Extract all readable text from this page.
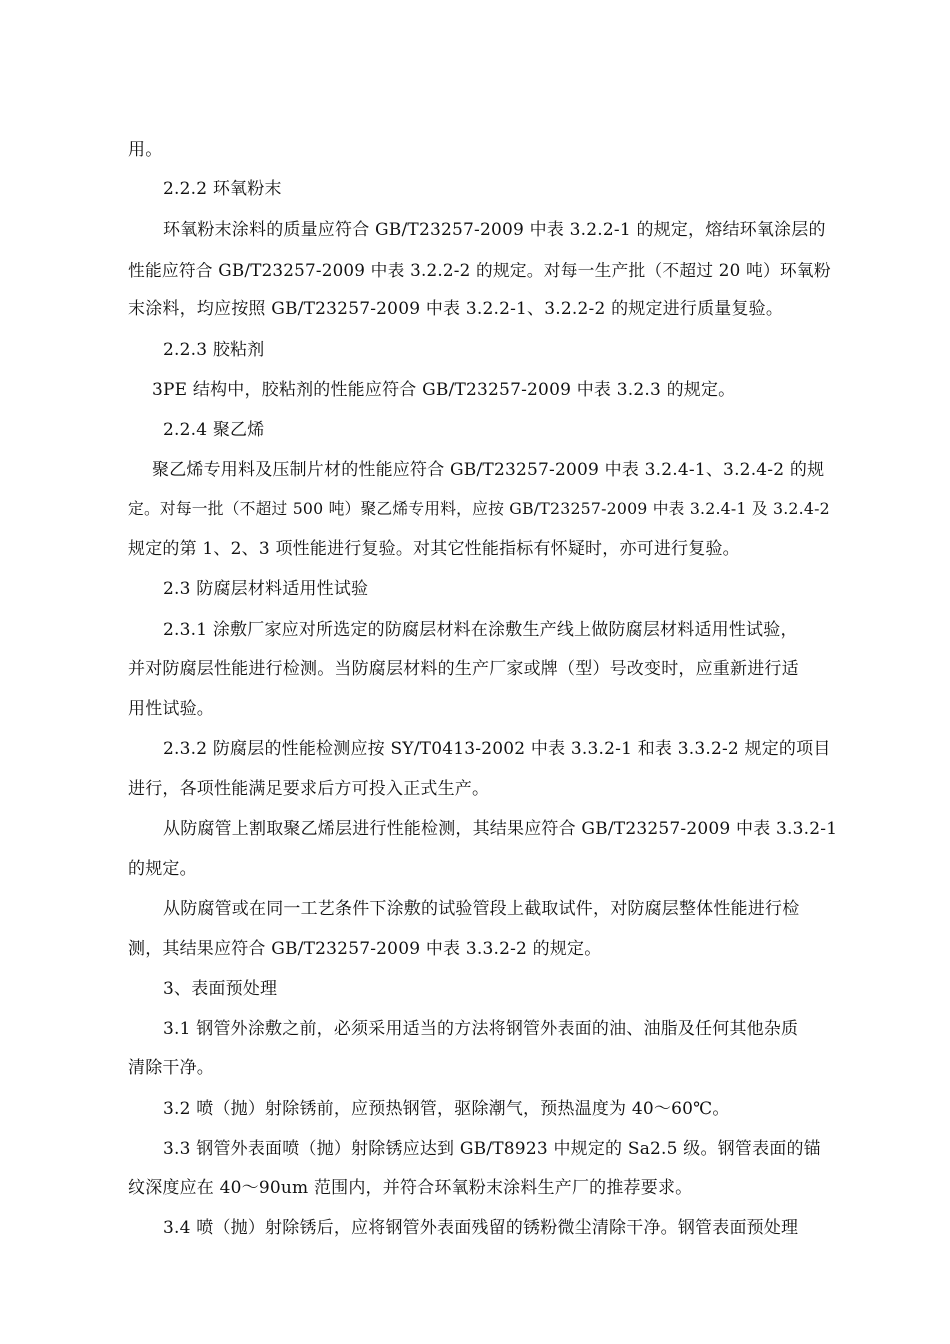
用。
2.2.2 环氧粉末
环氧粉末涂料的质量应符合 GB/T23257-2009 中表 3.2.2-1 的规定，熔结环氧涂层的
性能应符合 GB/T23257-2009 中表 3.2.2-2 的规定。对每一生产批（不超过 20 吨）环氧粉
末涂料，均应按照 GB/T23257-2009 中表 3.2.2-1、3.2.2-2 的规定进行质量复验。
2.2.3 胶粘剂
3PE 结构中，胶粘剂的性能应符合 GB/T23257-2009 中表 3.2.3 的规定。
2.2.4 聚乙烯
聚乙烯专用料及压制片材的性能应符合 GB/T23257-2009 中表 3.2.4-1、3.2.4-2 的规
定。对每一批（不超过 500 吨）聚乙烯专用料，应按 GB/T23257-2009 中表 3.2.4-1 及 3.2.4-2
规定的第 1、2、3 项性能进行复验。对其它性能指标有怀疑时，亦可进行复验。
2.3 防腐层材料适用性试验
2.3.1 涂敷厂家应对所选定的防腐层材料在涂敷生产线上做防腐层材料适用性试验，
并对防腐层性能进行检测。当防腐层材料的生产厂家或牌（型）号改变时，应重新进行适
用性试验。
2.3.2 防腐层的性能检测应按 SY/T0413-2002 中表 3.3.2-1 和表 3.3.2-2 规定的项目
进行，各项性能满足要求后方可投入正式生产。
从防腐管上割取聚乙烯层进行性能检测，其结果应符合 GB/T23257-2009 中表 3.3.2-1
的规定。
从防腐管或在同一工艺条件下涂敷的试验管段上截取试件，对防腐层整体性能进行检
测，其结果应符合 GB/T23257-2009 中表 3.3.2-2 的规定。
3、表面预处理
3.1 钢管外涂敷之前，必须采用适当的方法将钢管外表面的油、油脂及任何其他杂质
清除干净。
3.2 喷（抛）射除锈前，应预热钢管，驱除潮气，预热温度为 40～60℃。
3.3 钢管外表面喷（抛）射除锈应达到 GB/T8923 中规定的 Sa2.5 级。钢管表面的锚
纹深度应在 40～90um 范围内，并符合环氧粉末涂料生产厂的推荐要求。
3.4 喷（抛）射除锈后，应将钢管外表面残留的锈粉微尘清除干净。钢管表面预处理
